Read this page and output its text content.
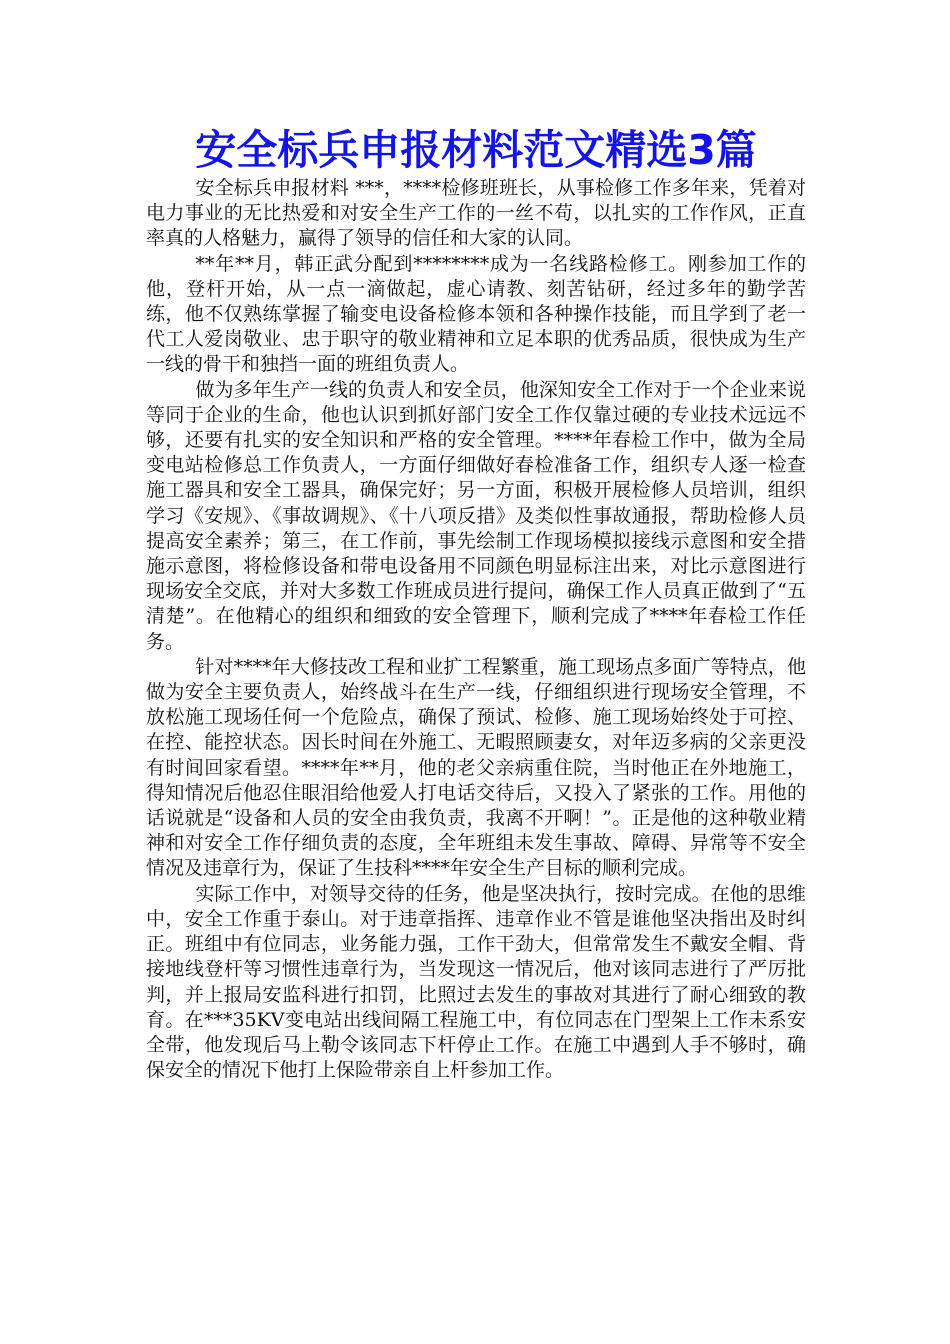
安全标兵申报材料范文精选3篇

安全标兵申报材料 ***，****检修班班长，从事检修工作多年来，凭着对电力事业的无比热爱和对安全生产工作的一丝不苟，以扎实的工作作风，正直率真的人格魅力，赢得了领导的信任和大家的认同。

**年**月，韩正武分配到********成为一名线路检修工。刚参加工作的他，登杆开始，从一点一滴做起，虚心请教、刻苦钻研，经过多年的勤学苦练，他不仅熟练掌握了输变电设备检修本领和各种操作技能，而且学到了老一代工人爱岗敬业、忠于职守的敬业精神和立足本职的优秀品质，很快成为生产一线的骨干和独挡一面的班组负责人。

做为多年生产一线的负责人和安全员，他深知安全工作对于一个企业来说等同于企业的生命，他也认识到抓好部门安全工作仅靠过硬的专业技术远远不够，还要有扎实的安全知识和严格的安全管理。****年春检工作中，做为全局变电站检修总工作负责人，一方面仔细做好春检准备工作，组织专人逐一检查施工器具和安全工器具，确保完好；另一方面，积极开展检修人员培训，组织学习《安规》、《事故调规》、《十八项反措》及类似性事故通报，帮助检修人员提高安全素养；第三，在工作前，事先绘制工作现场模拟接线示意图和安全措施示意图，将检修设备和带电设备用不同颜色明显标注出来，对比示意图进行现场安全交底，并对大多数工作班成员进行提问，确保工作人员真正做到了“五清楚”。在他精心的组织和细致的安全管理下，顺利完成了****年春检工作任务。

针对****年大修技改工程和业扩工程繁重，施工现场点多面广等特点，他做为安全主要负责人，始终战斗在生产一线，仔细组织进行现场安全管理，不放松施工现场任何一个危险点，确保了预试、检修、施工现场始终处于可控、在控、能控状态。因长时间在外施工、无暇照顾妻女，对年迈多病的父亲更没有时间回家看望。****年**月，他的老父亲病重住院，当时他正在外地施工，得知情况后他忍住眼泪给他爱人打电话交待后，又投入了紧张的工作。用他的话说就是“设备和人员的安全由我负责，我离不开啊！”。正是他的这种敬业精神和对安全工作仔细负责的态度，全年班组未发生事故、障碍、异常等不安全情况及违章行为，保证了生技科****年安全生产目标的顺利完成。

实际工作中，对领导交待的任务，他是坚决执行，按时完成。在他的思维中，安全工作重于泰山。对于违章指挥、违章作业不管是谁他坚决指出及时纠正。班组中有位同志，业务能力强，工作干劲大，但常常发生不戴安全帽、背接地线登杆等习惯性违章行为，当发现这一情况后，他对该同志进行了严厉批判，并上报局安监科进行扣罚，比照过去发生的事故对其进行了耐心细致的教育。在***35KV变电站出线间隔工程施工中，有位同志在门型架上工作未系安全带，他发现后马上勒令该同志下杆停止工作。在施工中遇到人手不够时，确保安全的情况下他打上保险带亲自上杆参加工作。
